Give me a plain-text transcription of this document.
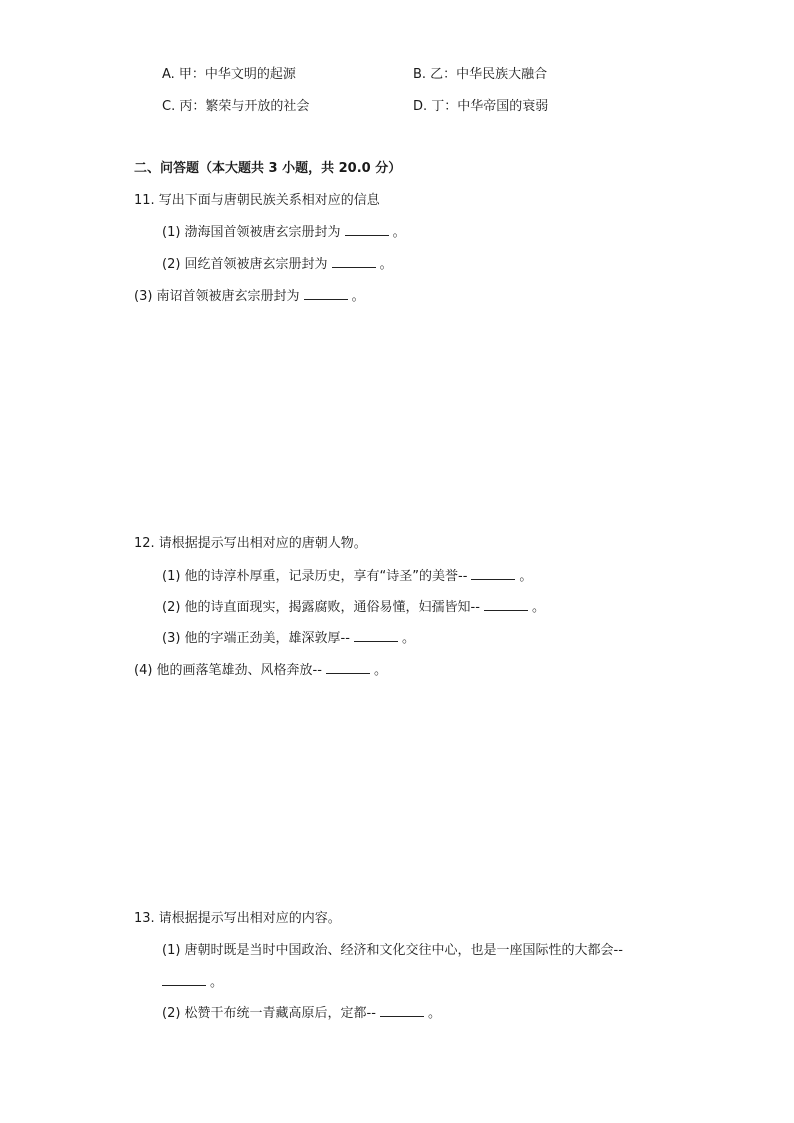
A. 甲：中华文明的起源	B. 乙：中华民族大融合
C. 丙：繁荣与开放的社会	D. 丁：中华帝国的衰弱
二、问答题（本大题共 3 小题，共 20.0 分）
11. 写出下面与唐朝民族关系相对应的信息
(1) 渤海国首领被唐玄宗册封为	。
(2) 回纥首领被唐玄宗册封为	。
(3) 南诏首领被唐玄宗册封为	。
12. 请根据提示写出相对应的唐朝人物。
(1) 他的诗淳朴厚重，记录历史，享有“诗圣”的美誉--	。
(2) 他的诗直面现实，揭露腐败，通俗易懂，妇孺皆知--	。
(3) 他的字端正劲美，雄深敦厚--	。
(4) 他的画落笔雄劲、风格奔放--	。
13. 请根据提示写出相对应的内容。
(1) 唐朝时既是当时中国政治、经济和文化交往中心，也是一座国际性的大都会--
。
(2) 松赞干布统一青藏高原后，定都--	。
